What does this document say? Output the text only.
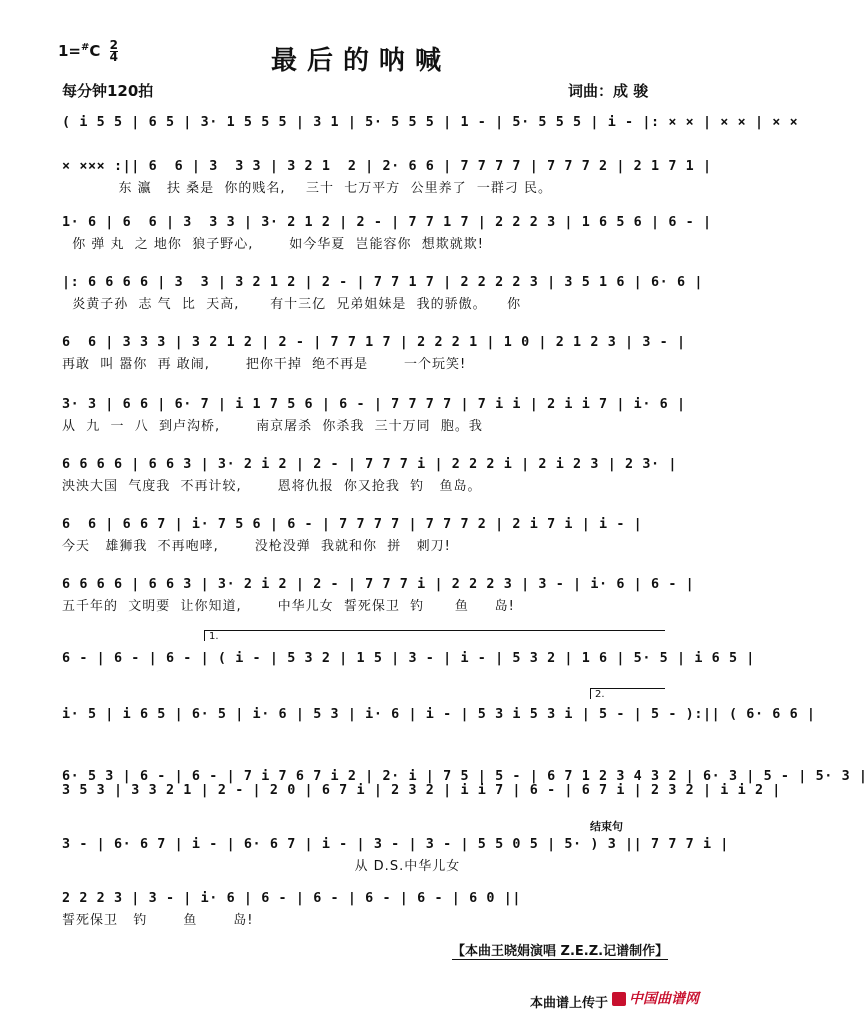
最后的呐喊
$1=^{\#}C \frac{2}{4}$
每分钟120拍	词曲：成 骏

( i 5 5 | 6 5 | 3· 1 5 5 5 | 3 1 | 5· 5 5 5 | 1 - | 5· 5 5 5 | i - |: × × | × × | × ×

× ××× :|| 6  6 | 3  3 3 | 3 2 1  2 | 2· 6 6 | 7 7 7 7 | 7 7 7 2 | 2 1 7 1 |

东 瀛   扶 桑是  你的贱名,    三十  七万平方  公里养了  一群刁 民。

1· 6 | 6  6 | 3  3 3 | 3· 2 1 2 | 2 - | 7 7 1 7 | 2 2 2 3 | 1 6 5 6 | 6 - |

你 弹 丸  之 地你  狼子野心,       如今华夏  岂能容你  想欺就欺!

|: 6 6 6 6 | 3  3 | 3 2 1 2 | 2 - | 7 7 1 7 | 2 2 2 2 3 | 3 5 1 6 | 6· 6 |

炎黄子孙  志 气  比  天高,      有十三亿  兄弟姐妹是  我的骄傲。    你

6  6 | 3 3 3 | 3 2 1 2 | 2 - | 7 7 1 7 | 2 2 2 1 | 1 0 | 2 1 2 3 | 3 - |

再敢  叫 嚣你  再 敢闹,       把你干掉  绝不再是       一个玩笑!

3· 3 | 6 6 | 6· 7 | i 1 7 5 6 | 6 - | 7 7 7 7 | 7 i i | 2 i i 7 | i· 6 |

从  九  一  八  到卢沟桥,       南京屠杀  你杀我  三十万同  胞。我

6 6 6 6 | 6 6 3 | 3· 2 i 2 | 2 - | 7 7 7 i | 2 2 2 i | 2 i 2 3 | 2 3· |

泱泱大国  气度我  不再计较,       恩将仇报  你又抢我  钓   鱼岛。

6  6 | 6 6 7 | i· 7 5 6 | 6 - | 7 7 7 7 | 7 7 7 2 | 2 i 7 i | i - |

今天   雄狮我  不再咆哮,       没枪没弹  我就和你  拼   刺刀!

6 6 6 6 | 6 6 3 | 3· 2 i 2 | 2 - | 7 7 7 i | 2 2 2 3 | 3 - | i· 6 | 6 - |

五千年的  文明要  让你知道,       中华儿女  誓死保卫  钓      鱼     岛!

1.

6 - | 6 - | 6 - | ( i - | 5 3 2 | 1 5 | 3 - | i - | 5 3 2 | 1 6 | 5· 5 | i 6 5 |

2.

i· 5 | i 6 5 | 6· 5 | i· 6 | 5 3 | i· 6 | i - | 5 3 i 5 3 i | 5 - | 5 - ):|| ( 6· 6 6 |

6· 5 3 | 6 - | 6 - | 7 i 7 6 7 i 2 | 2· i | 7 5 | 5 - | 6 7 1 2 3 4 3 2 | 6· 3 | 5 - | 5· 3 |

3 5 3 | 3 3 2 1 | 2 - | 2 0 | 6 7 i | 2 3 2 | i i 7 | 6 - | 6 7 i | 2 3 2 | i i 2 |

结束句

3 - | 6· 6 7 | i - | 6· 6 7 | i - | 3 - | 3 - | 5 5 0 5 | 5· ) 3 || 7 7 7 i |

从 D.S.中华儿女

2 2 2 3 | 3 - | i· 6 | 6 - | 6 - | 6 - | 6 - | 6 0 ||

誓死保卫   钓       鱼       岛!

【本曲王晓娟演唱 Z.E.Z.记谱制作】
本曲谱上传于	中国曲谱网
